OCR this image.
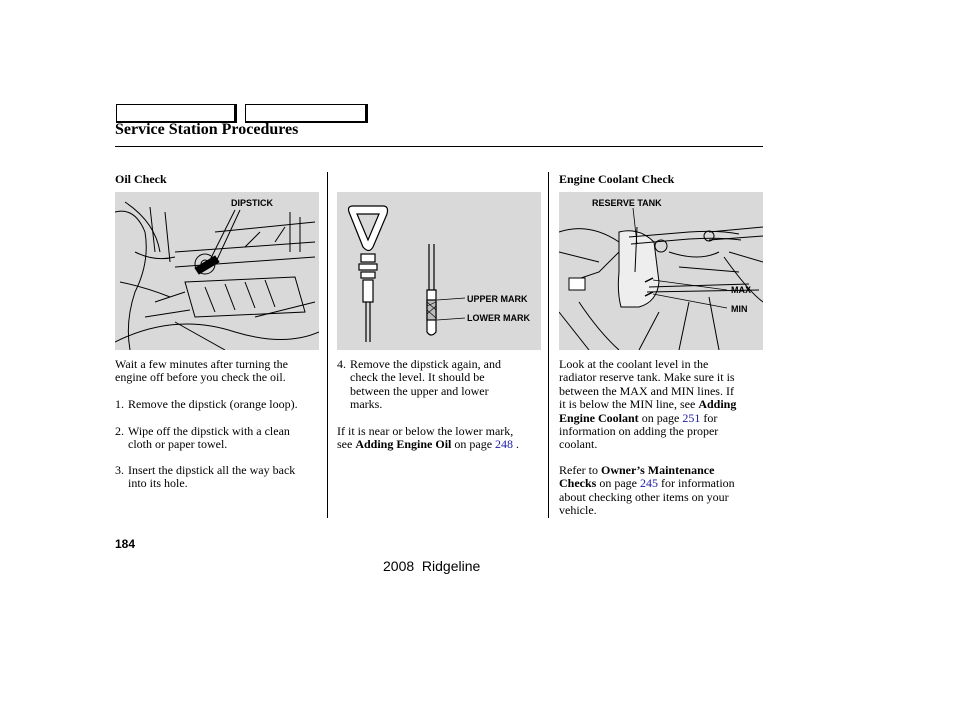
Service Station Procedures
Oil Check
DIPSTICK

Wait a few minutes after turning the

engine off before you check the oil.

1. Remove the dipstick (orange loop).
2. Wipe off the dipstick with a clean
cloth or paper towel.
3. Insert the dipstick all the way back
into its hole.
UPPER MARK
LOWER MARK
4. Remove the dipstick again, and
check the level. It should be
between the upper and lower
marks.

If it is near or below the lower mark,

see Adding Engine Oil on page 248 .

Engine Coolant Check
RESERVE TANK
MAX
MIN

Look at the coolant level in the

radiator reserve tank. Make sure it is

between the MAX and MIN lines. If

it is below the MIN line, see Adding

Engine Coolant on page 251 for

information on adding the proper

coolant.

Refer to Owner’s Maintenance

Checks on page 245 for information

about checking other items on your

vehicle.

184
2008  Ridgeline
